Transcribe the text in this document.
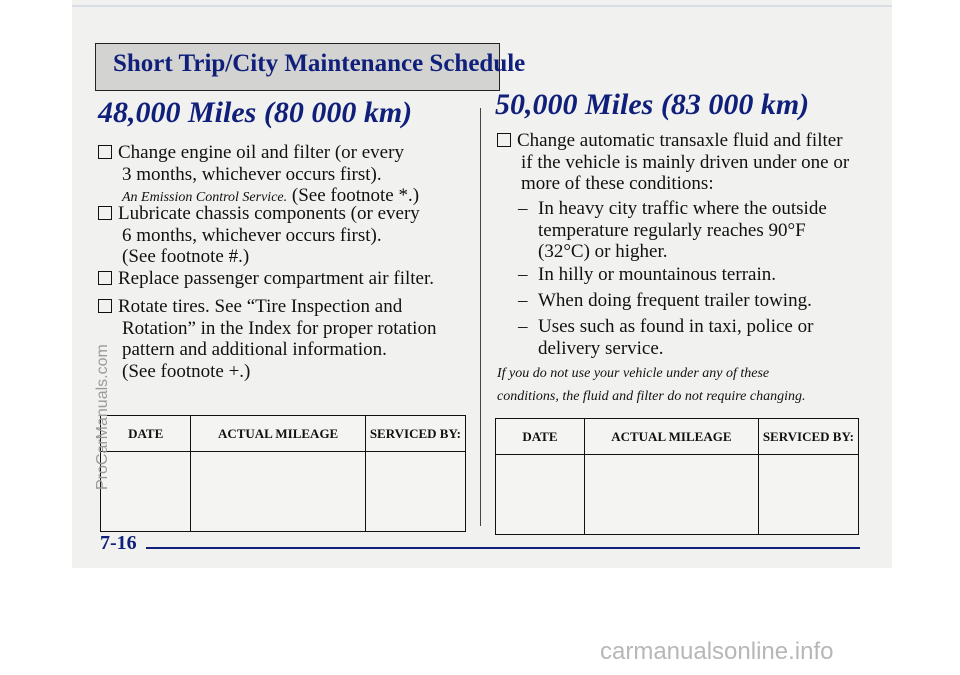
Short Trip/City Maintenance Schedule
48,000 Miles (80 000 km)
Change engine oil and filter (or every
3 months, whichever occurs first).
An Emission Control Service. (See footnote *.)
Lubricate chassis components (or every
6 months, whichever occurs first).
(See footnote #.)
Replace passenger compartment air filter.
Rotate tires. See “Tire Inspection and
Rotation” in the Index for proper rotation
pattern and additional information.
(See footnote +.)
DATE	ACTUAL MILEAGE	SERVICED BY:

50,000 Miles (83 000 km)
Change automatic transaxle fluid and filter
if the vehicle is mainly driven under one or
more of these conditions:
– In heavy city traffic where the outside
temperature regularly reaches 90°F
(32°C) or higher.
– In hilly or mountainous terrain.
– When doing frequent trailer towing.
– Uses such as found in taxi, police or
delivery service.
If you do not use your vehicle under any of these
conditions, the fluid and filter do not require changing.
DATE	ACTUAL MILEAGE	SERVICED BY:

7-16
ProCarManuals.com
carmanualsonline.info
